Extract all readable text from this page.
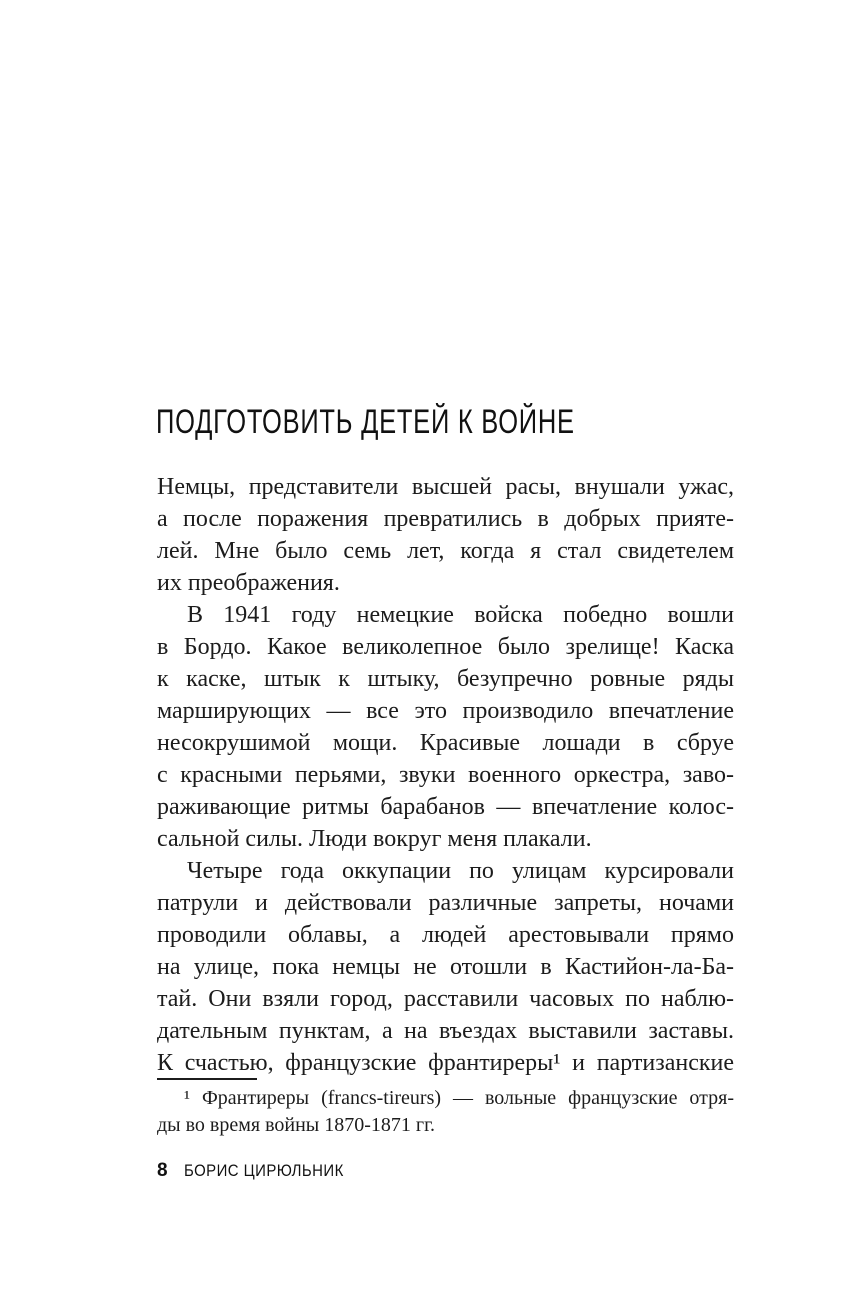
ПОДГОТОВИТЬ ДЕТЕЙ К ВОЙНЕ
Немцы, представители высшей расы, внушали ужас,
а после поражения превратились в добрых прияте-
лей. Мне было семь лет, когда я стал свидетелем
их преображения.
В 1941 году немецкие войска победно вошли
в Бордо. Какое великолепное было зрелище! Каска
к каске, штык к штыку, безупречно ровные ряды
марширующих — все это производило впечатление
несокрушимой мощи. Красивые лошади в сбруе
с красными перьями, звуки военного оркестра, заво-
раживающие ритмы барабанов — впечатление колос-
сальной силы. Люди вокруг меня плакали.
Четыре года оккупации по улицам курсировали
патрули и действовали различные запреты, ночами
проводили облавы, а людей арестовывали прямо
на улице, пока немцы не отошли в Кастийон-ла-Ба-
тай. Они взяли город, расставили часовых по наблю-
дательным пунктам, а на въездах выставили заставы.
К счастью, французские франтиреры¹ и партизанские
¹ Франтиреры (francs-tireurs) — вольные французские отря-
ды во время войны 1870-1871 гг.
8 БОРИС ЦИРЮЛЬНИК
